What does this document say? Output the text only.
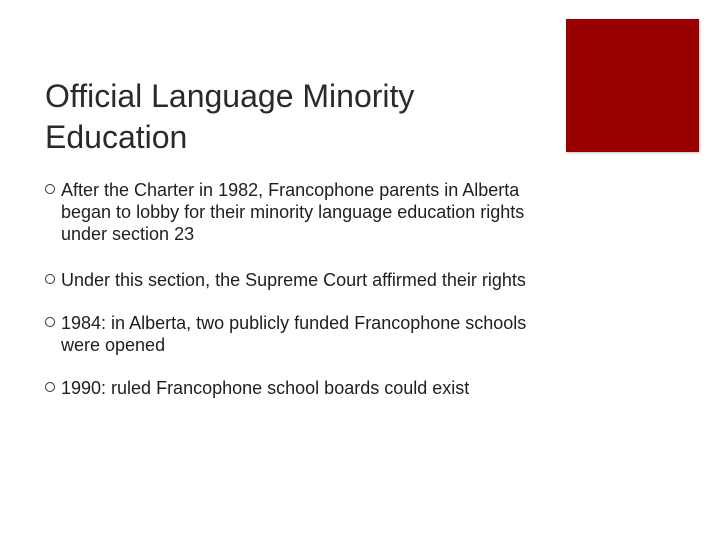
Official Language Minority Education
After the Charter in 1982, Francophone parents in Alberta began to lobby for their minority language education rights under section 23
Under this section, the Supreme Court affirmed their rights
1984: in Alberta, two publicly funded Francophone schools were opened
1990: ruled Francophone school boards could exist
